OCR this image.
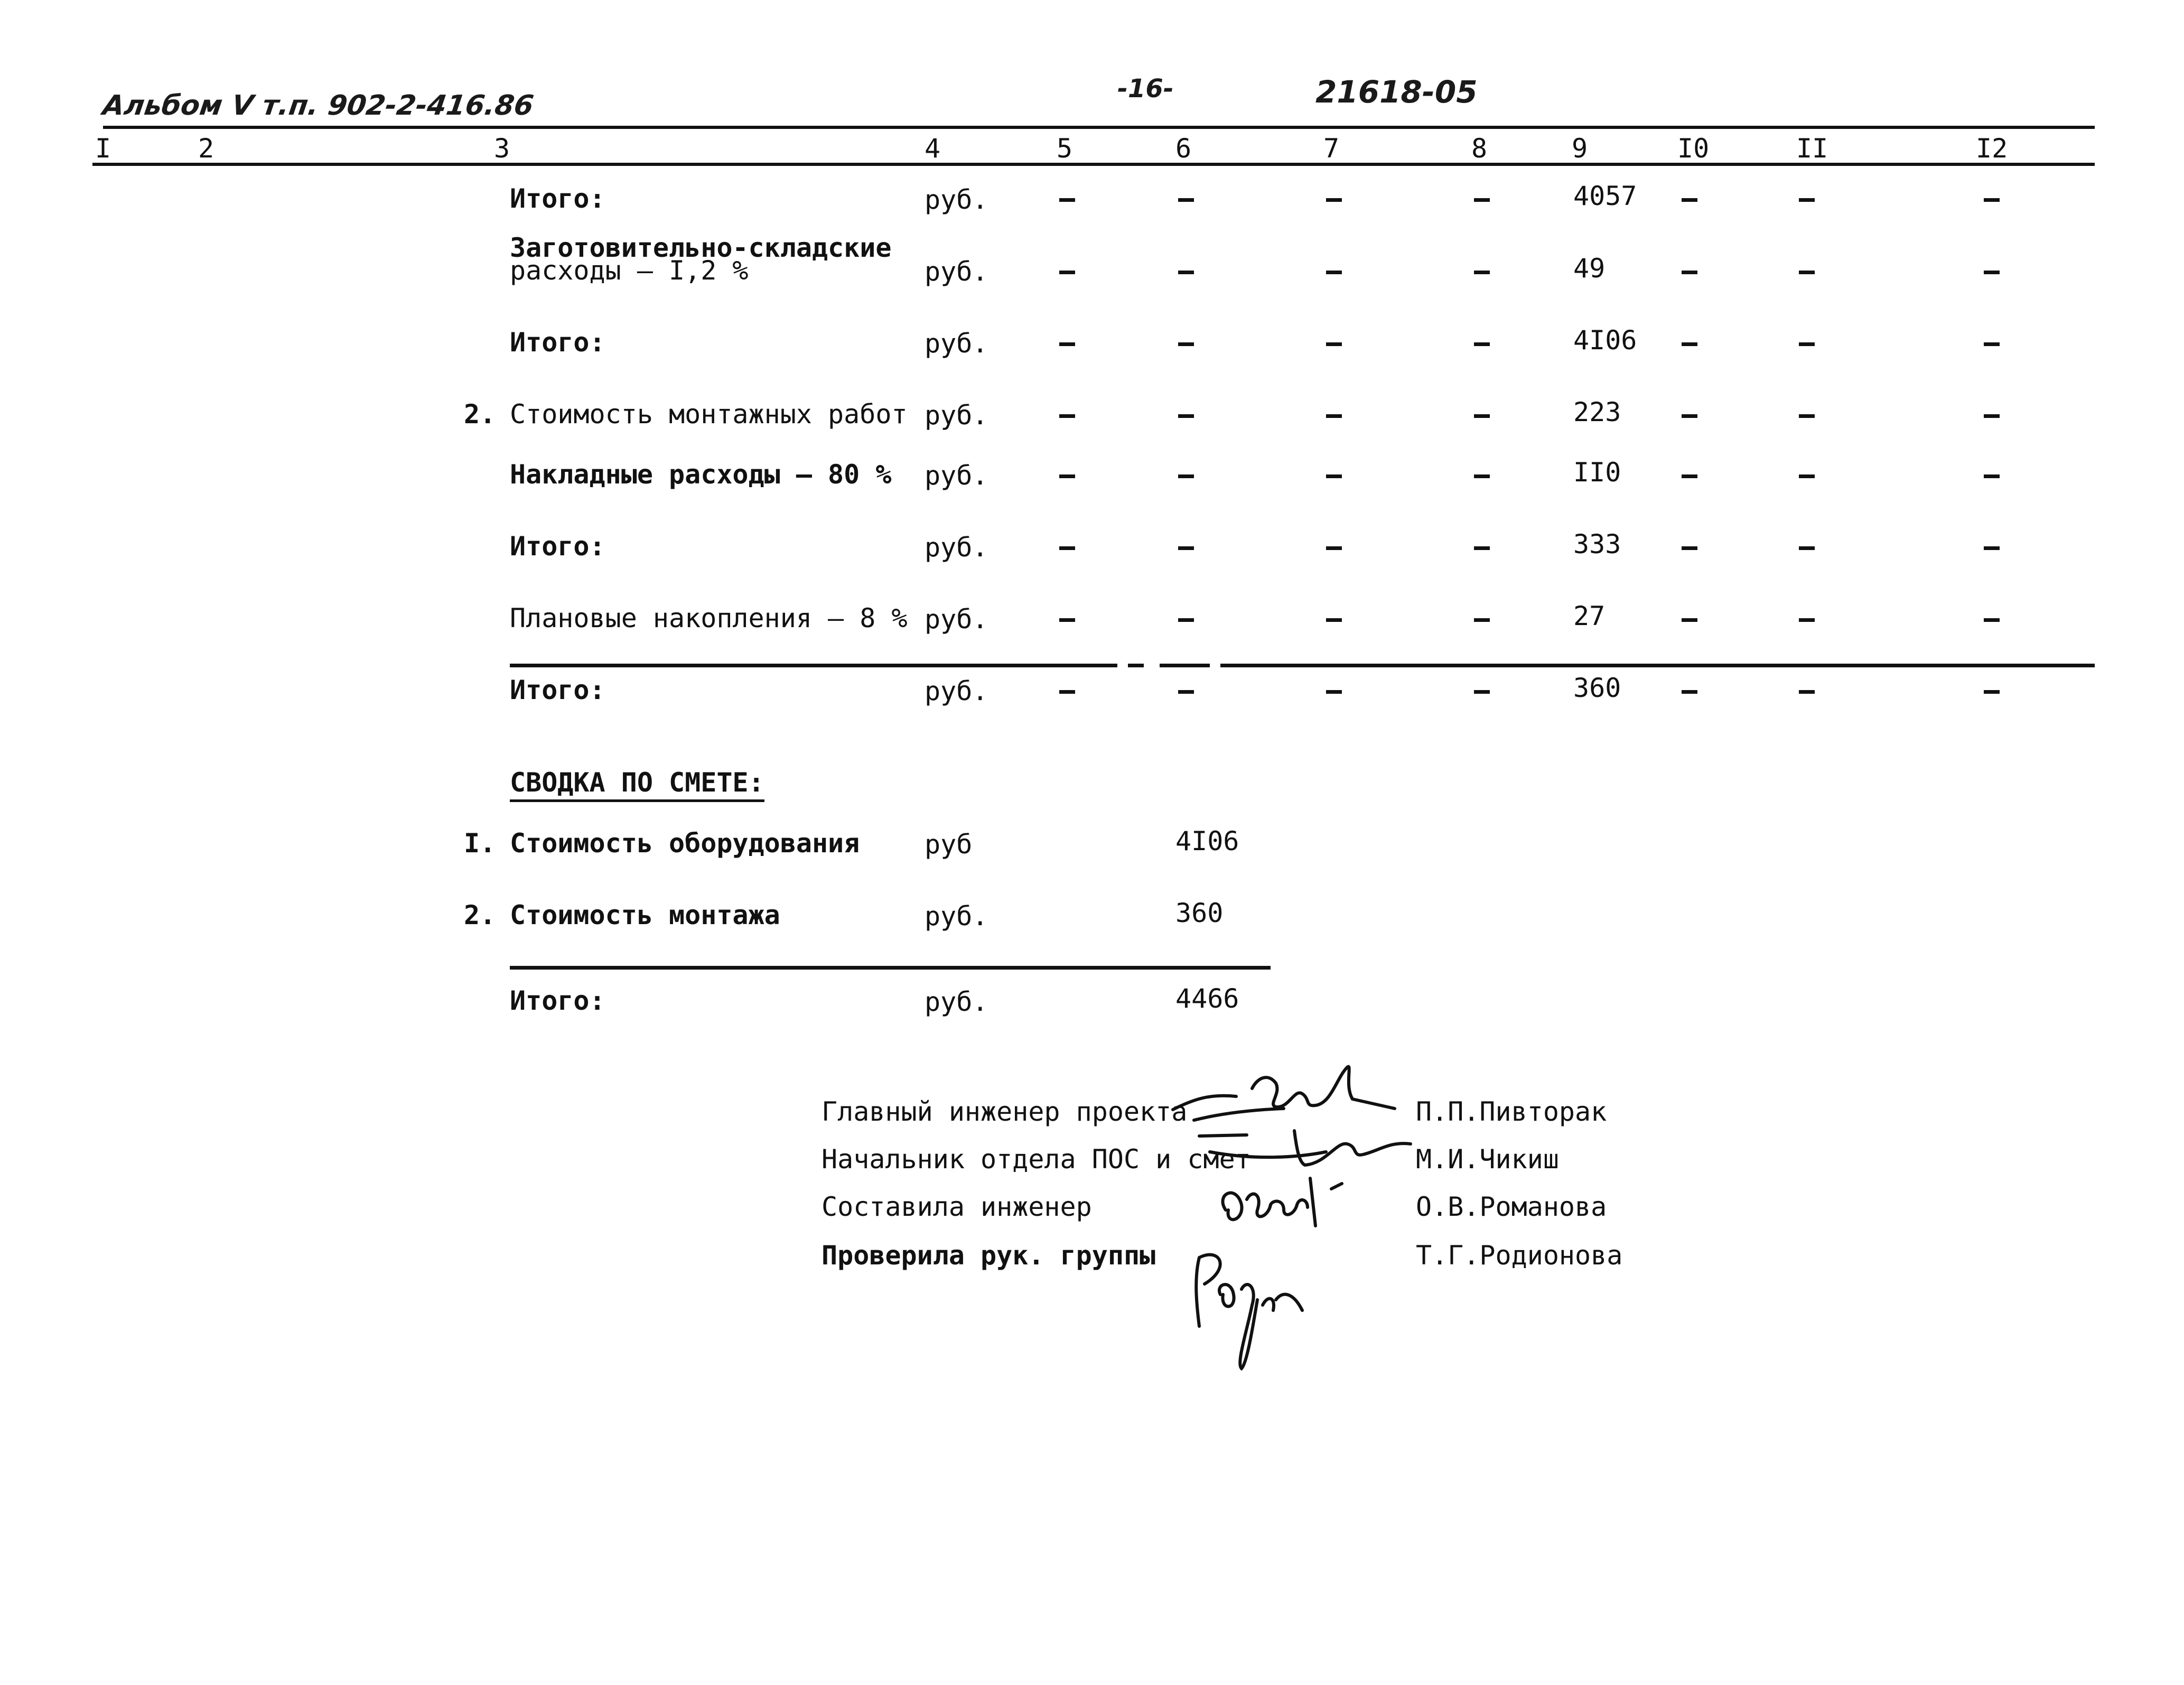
Альбом V т.п. 902-2-416.86
-16-	21618-05
I	2	3	4	5	6	7	8	9	I0	II	I2
Итого:	руб.	4057
Заготовительно-складские
расходы – I,2 %	руб.	49
Итого:	руб.	4I06
2. Стоимость монтажных работ руб.	223
Накладные расходы – 80 % руб.	II0
Итого:	руб.	333
Плановые накопления – 8 % руб.	27
Итого:	руб.	360
СВОДКА ПО СМЕТЕ:
I. Стоимость оборудования руб	4I06
2. Стоимость монтажа	руб.	360
Итого:	руб.	4466
Главный инженер проекта	П.П.Пивторак
Начальник отдела ПОС и смет	М.И.Чикиш
Составила инженер	О.В.Романова
Проверила рук. группы	Т.Г.Родионова
